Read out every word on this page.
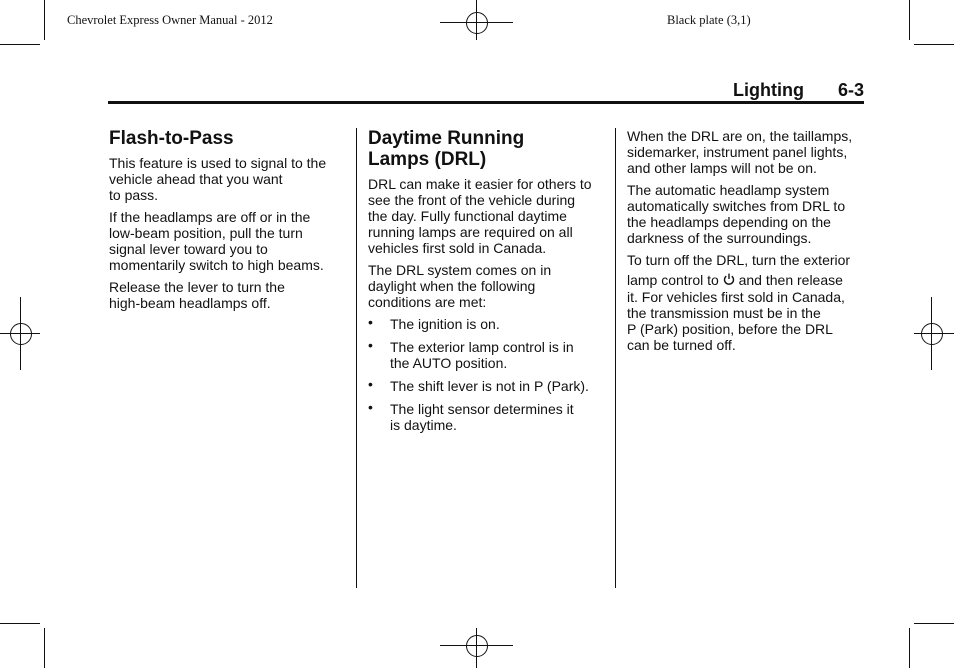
Chevrolet Express Owner Manual - 2012	Black plate (3,1)
Lighting 6-3
Flash-to-Pass

This feature is used to signal to the
vehicle ahead that you want
to pass.

If the headlamps are off or in the
low-beam position, pull the turn
signal lever toward you to
momentarily switch to high beams.

Release the lever to turn the
high-beam headlamps off.

Daytime Running
Lamps (DRL)

DRL can make it easier for others to
see the front of the vehicle during
the day. Fully functional daytime
running lamps are required on all
vehicles first sold in Canada.

The DRL system comes on in
daylight when the following
conditions are met:

• The ignition is on.
• The exterior lamp control is in
the AUTO position.
• The shift lever is not in P (Park).
• The light sensor determines it
is daytime.

When the DRL are on, the taillamps,
sidemarker, instrument panel lights,
and other lamps will not be on.

The automatic headlamp system
automatically switches from DRL to
the headlamps depending on the
darkness of the surroundings.

To turn off the DRL, turn the exterior
lamp control to and then release
it. For vehicles first sold in Canada,
the transmission must be in the
P (Park) position, before the DRL
can be turned off.
